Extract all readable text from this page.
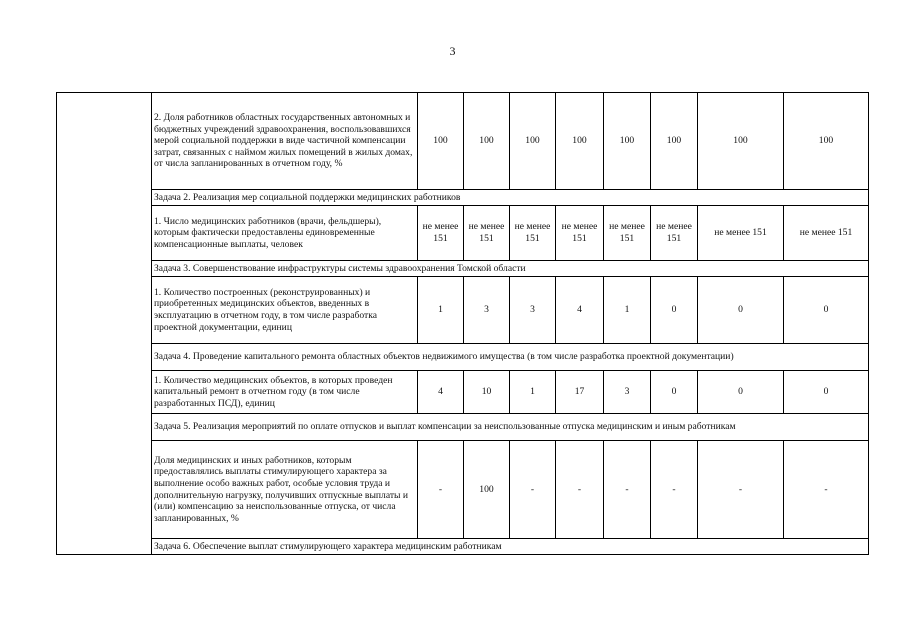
3
	2. Доля работников областных государственных автономных и бюджетных учреждений здравоохранения, воспользовавшихся мерой социальной поддержки в виде частичной компенсации затрат, связанных с наймом жилых помещений в жилых домах, от числа запланированных в отчетном году, %	100	100	100	100	100	100	100	100
	Задача 2. Реализация мер социальной поддержки медицинских работников								
	1. Число медицинских работников (врачи, фельдшеры), которым фактически предоставлены единовременные компенсационные выплаты, человек	не менее 151	не менее 151	не менее 151	не менее 151	не менее 151	не менее 151	не менее 151	не менее 151
	Задача 3. Совершенствование инфраструктуры системы здравоохранения Томской области								
	1. Количество построенных (реконструированных) и приобретенных медицинских объектов, введенных в эксплуатацию в отчетном году, в том числе разработка проектной документации, единиц	1	3	3	4	1	0	0	0
	Задача 4. Проведение капитального ремонта областных объектов недвижимого имущества (в том числе разработка проектной документации)								
	1. Количество медицинских объектов, в которых проведен капитальный ремонт в отчетном году (в том числе разработанных ПСД), единиц	4	10	1	17	3	0	0	0
	Задача 5. Реализация мероприятий по оплате отпусков и выплат компенсации за неиспользованные отпуска медицинским и иным работникам								
	Доля медицинских и иных работников, которым предоставлялись выплаты стимулирующего характера за выполнение особо важных работ, особые условия труда и дополнительную нагрузку, получивших отпускные выплаты и (или) компенсацию за неиспользованные отпуска, от числа запланированных, %	-	100	-	-	-	-	-	-
	Задача 6. Обеспечение выплат стимулирующего характера медицинским работникам								
